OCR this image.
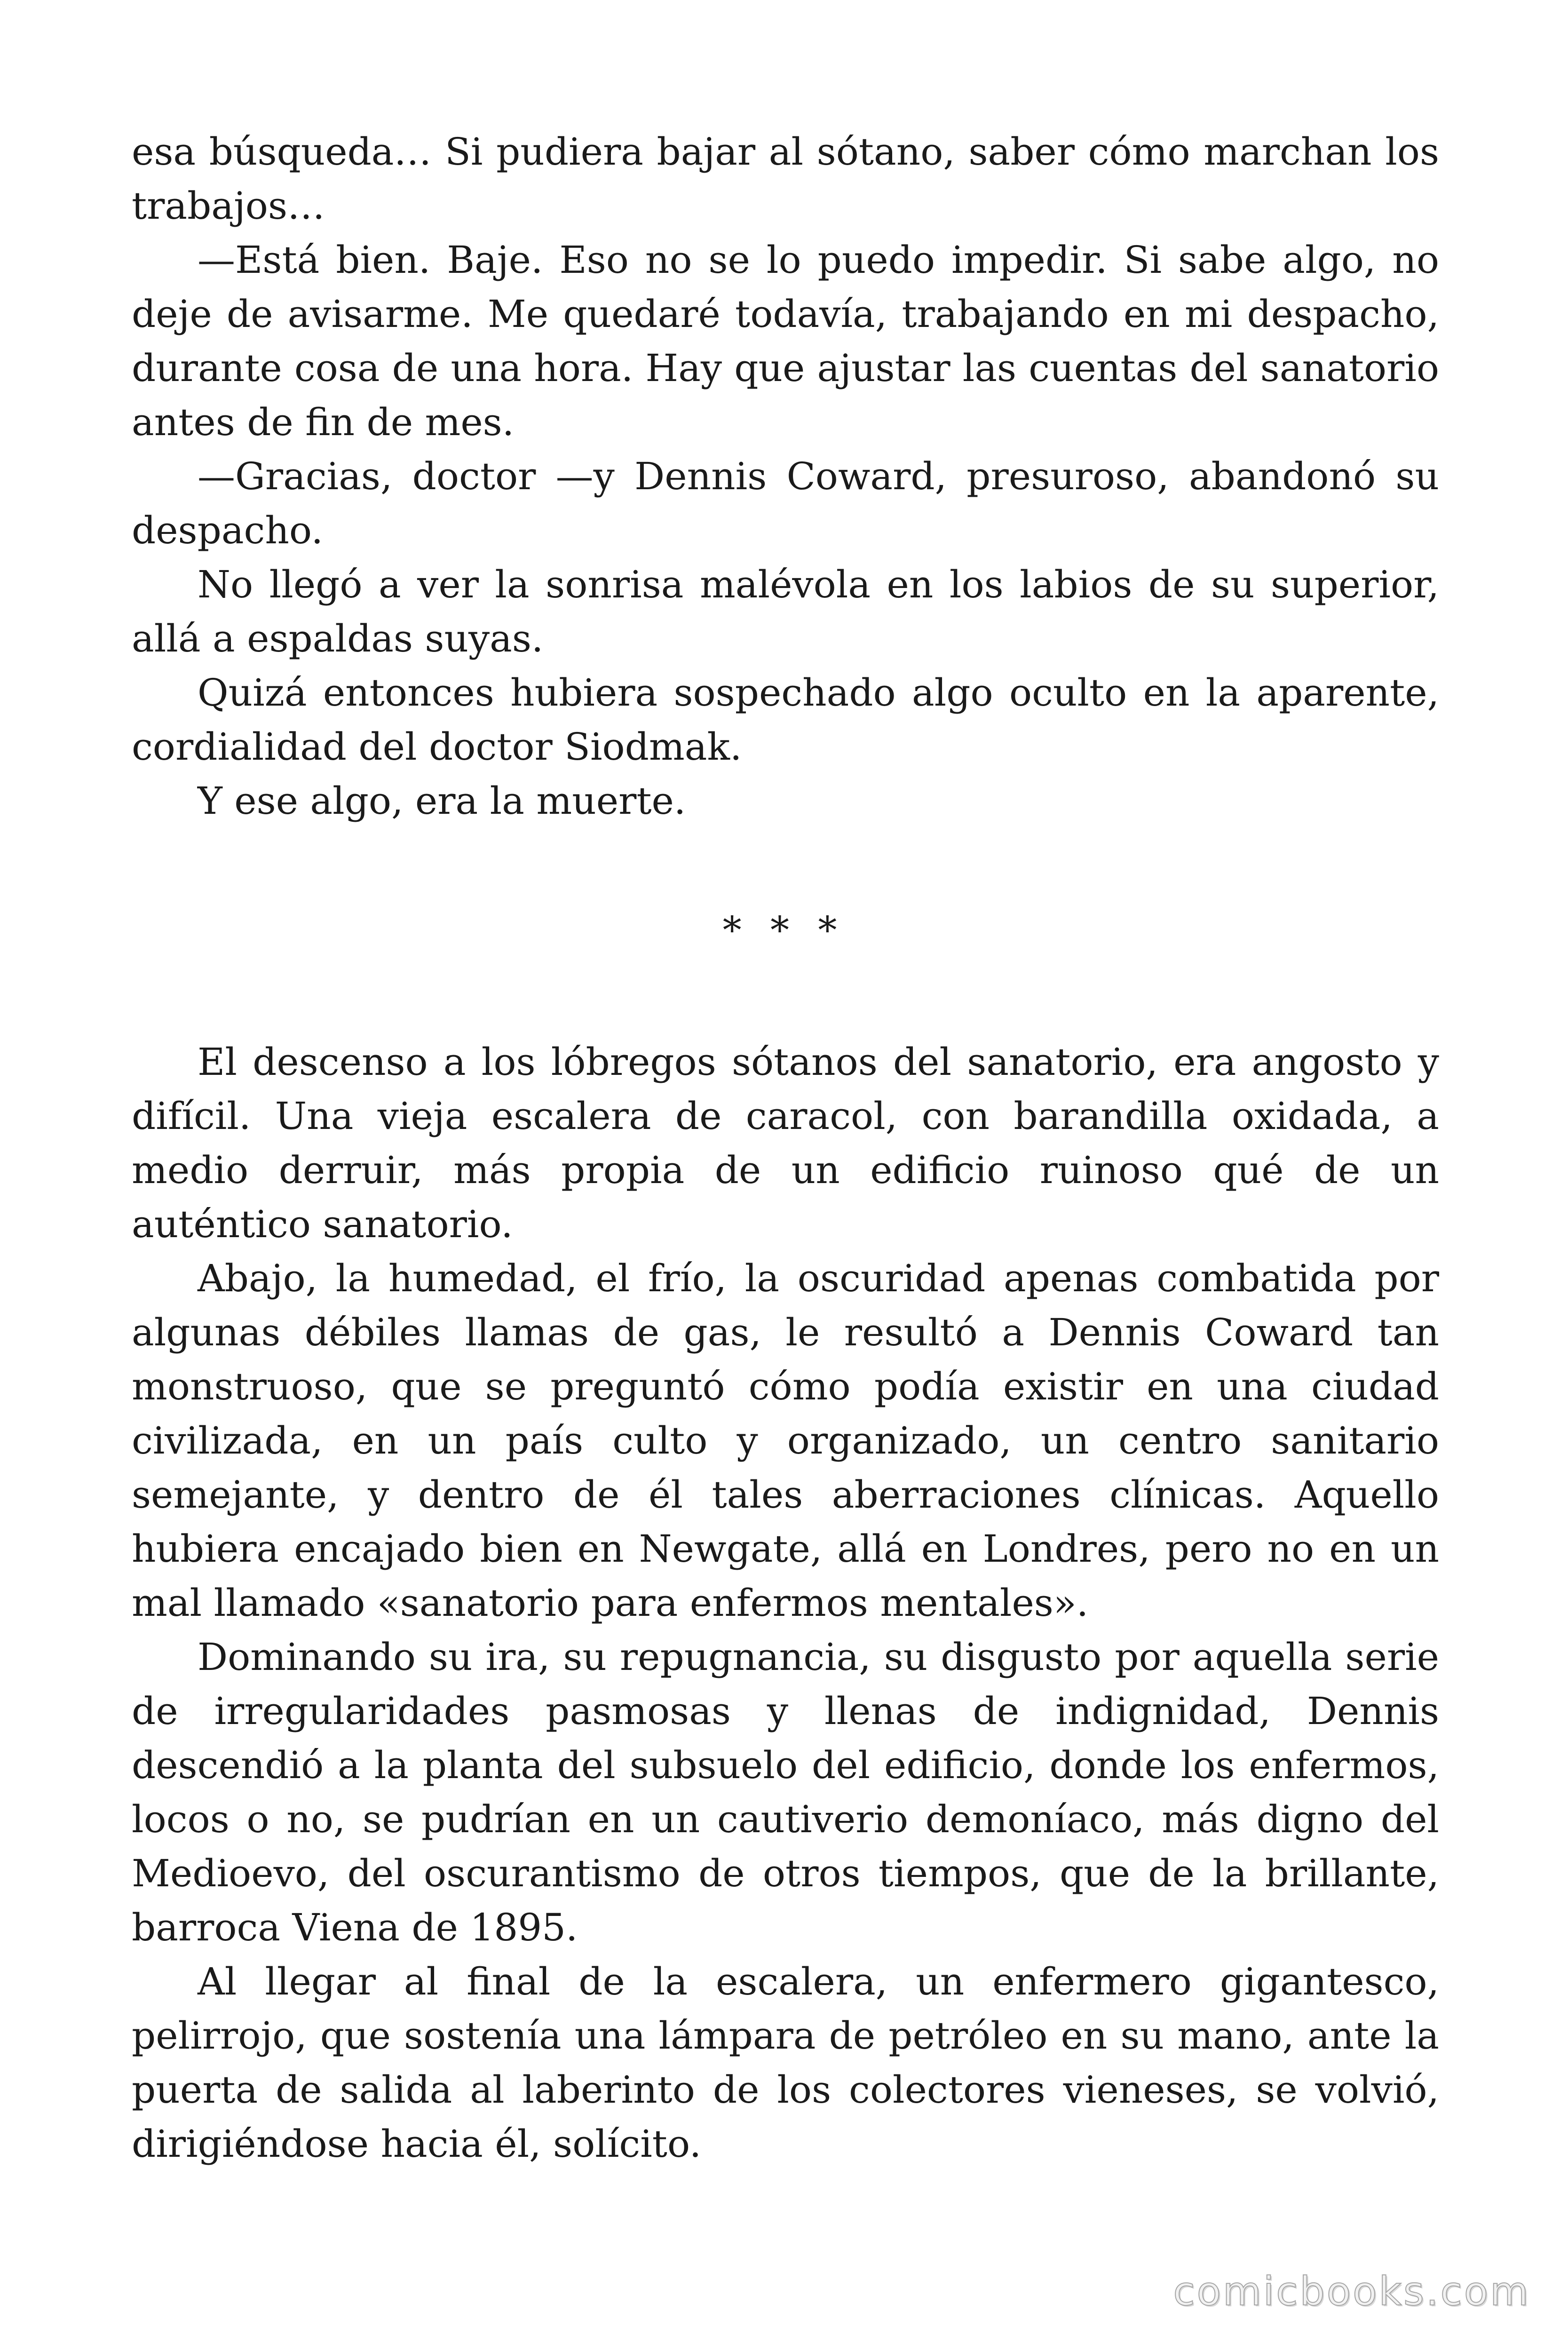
esa búsqueda… Si pudiera bajar al sótano, saber cómo marchan los trabajos…

—Está bien. Baje. Eso no se lo puedo impedir. Si sabe algo, no deje de avisarme. Me quedaré todavía, trabajando en mi despacho, durante cosa de una hora. Hay que ajustar las cuentas del sanatorio antes de fin de mes.

—Gracias, doctor —y Dennis Coward, presuroso, abandonó su despacho.

No llegó a ver la sonrisa malévola en los labios de su superior, allá a espaldas suyas.

Quizá entonces hubiera sospechado algo oculto en la aparente, cordialidad del doctor Siodmak.

Y ese algo, era la muerte.

* * *

El descenso a los lóbregos sótanos del sanatorio, era angosto y difícil. Una vieja escalera de caracol, con barandilla oxidada, a medio derruir, más propia de un edificio ruinoso qué de un auténtico sanatorio.

Abajo, la humedad, el frío, la oscuridad apenas combatida por algunas débiles llamas de gas, le resultó a Dennis Coward tan monstruoso, que se preguntó cómo podía existir en una ciudad civilizada, en un país culto y organizado, un centro sanitario semejante, y dentro de él tales aberraciones clínicas. Aquello hubiera encajado bien en Newgate, allá en Londres, pero no en un mal llamado «sanatorio para enfermos mentales».

Dominando su ira, su repugnancia, su disgusto por aquella serie de irregularidades pasmosas y llenas de indignidad, Dennis descendió a la planta del subsuelo del edificio, donde los enfermos, locos o no, se pudrían en un cautiverio demoníaco, más digno del Medioevo, del oscurantismo de otros tiempos, que de la brillante, barroca Viena de 1895.

Al llegar al final de la escalera, un enfermero gigantesco, pelirrojo, que sostenía una lámpara de petróleo en su mano, ante la puerta de salida al laberinto de los colectores vieneses, se volvió, dirigiéndose hacia él, solícito.

comicbooks.com
